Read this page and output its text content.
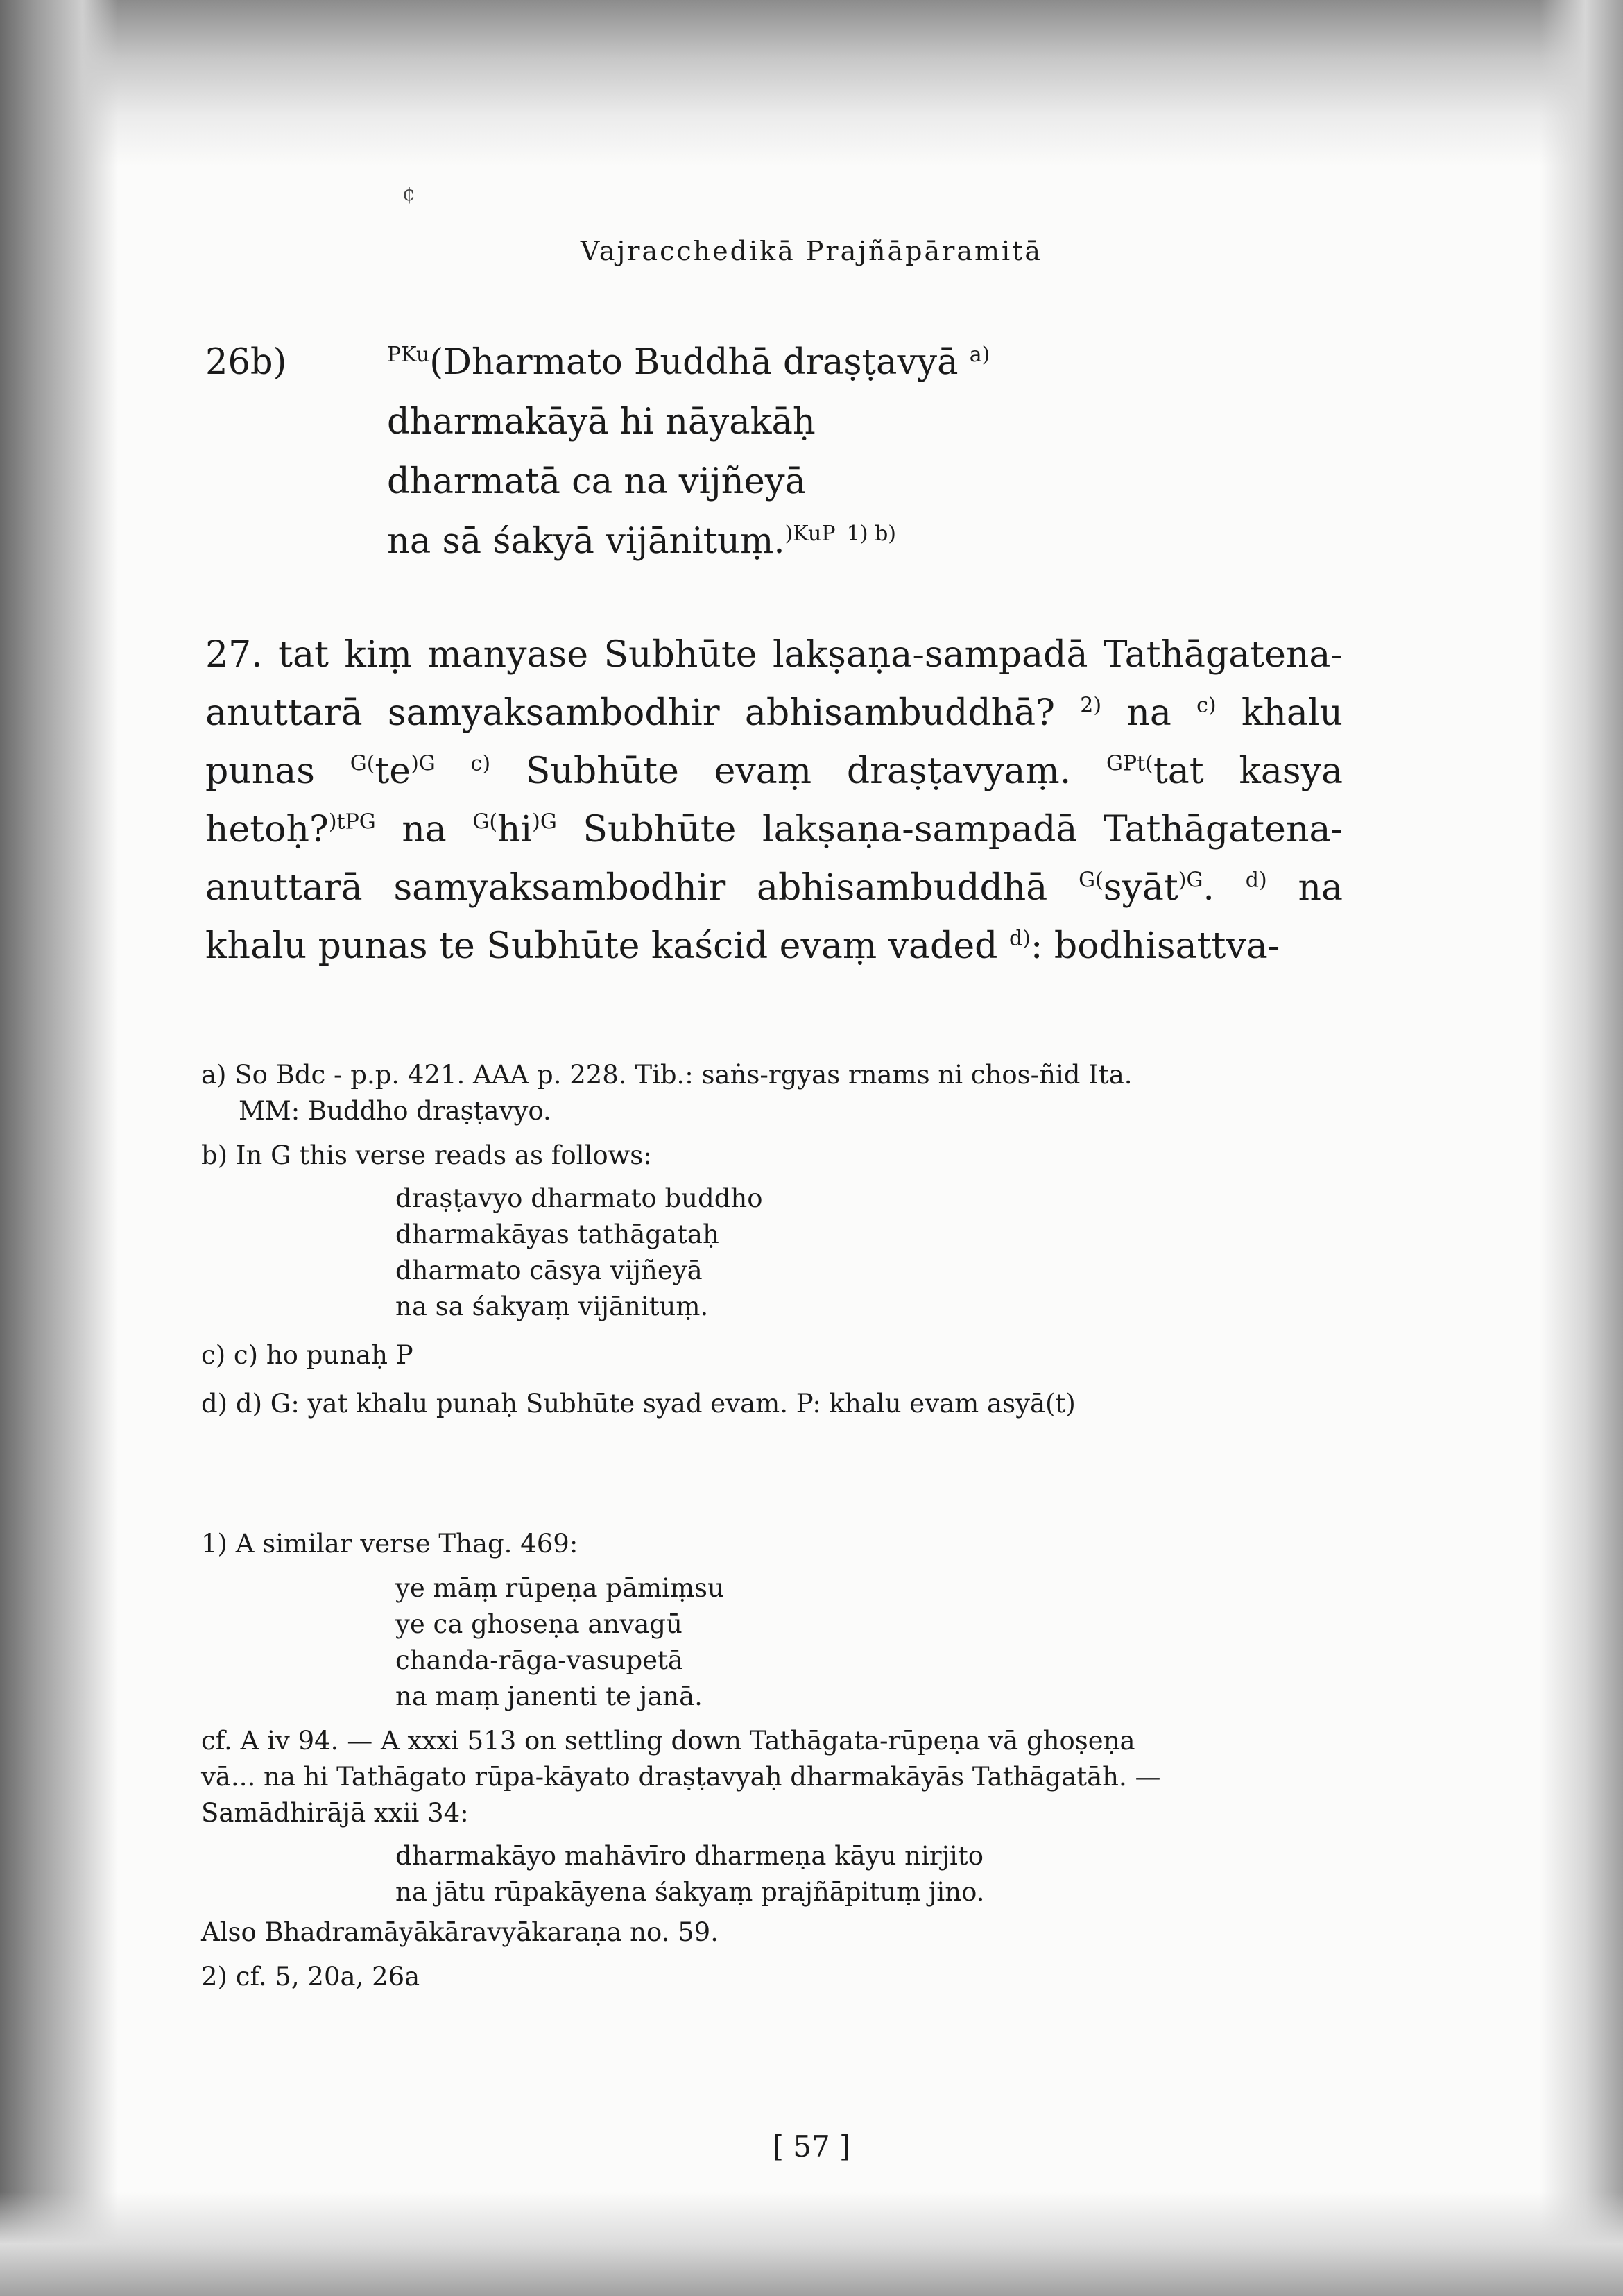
¢
Vajracchedikā Prajñāpāramitā
26b)	$^{PKu}$(Dharmato Buddhā draṣṭavyā $^{a)}$
dharmakāyā hi nāyakāḥ
dharmatā ca na vijñeyā
na sā śakyā vijānituṃ.$^{)KuP}$ $^{1) b)}$
27. tat kiṃ manyase Subhūte lakṣaṇa-sampadā Tathāgatena-anuttarā samyaksambodhir abhisambuddhā? $^{2)}$ na $^{c)}$ khalu punas $^{G(}te^{)G}$ $^{c)}$ Subhūte evaṃ draṣṭavyaṃ. $^{GPt(}$tat kasya hetoḥ?$^{)tPG}$ na $^{G(}hi^{)G}$ Subhūte lakṣaṇa-sampadā Tathāgatena-anuttarā samyaksambodhir abhisambuddhā $^{G(}$syāt$^{)G}$. $^{d)}$ na khalu punas te Subhūte kaścid evaṃ vaded $^{d)}$: bodhisattva-
a) So Bdc - p.p. 421. AAA p. 228. Tib.: saṅs-rgyas rnams ni chos-ñid Ita.
MM: Buddho draṣṭavyo.
b) In G this verse reads as follows:
draṣṭavyo dharmato buddho
dharmakāyas tathāgataḥ
dharmato cāsya vijñeyā
na sa śakyaṃ vijānituṃ.
c) c) ho punaḥ P
d) d) G: yat khalu punaḥ Subhūte syad evam. P: khalu evam asyā(t)
1) A similar verse Thag. 469:
ye māṃ rūpeṇa pāmiṃsu
ye ca ghoseṇa anvagū
chanda-rāga-vasupetā
na maṃ janenti te janā.
cf. A iv 94. — A xxxi 513 on settling down Tathāgata-rūpeṇa vā ghoṣeṇa
vā... na hi Tathāgato rūpa-kāyato draṣṭavyaḥ dharmakāyās Tathāgatāh. —
Samādhirājā xxii 34:
dharmakāyo mahāvīro dharmeṇa kāyu nirjito
na jātu rūpakāyena śakyaṃ prajñāpituṃ jino.
Also Bhadramāyākāravyākaraṇa no. 59.
2) cf. 5, 20a, 26a
[ 57 ]
